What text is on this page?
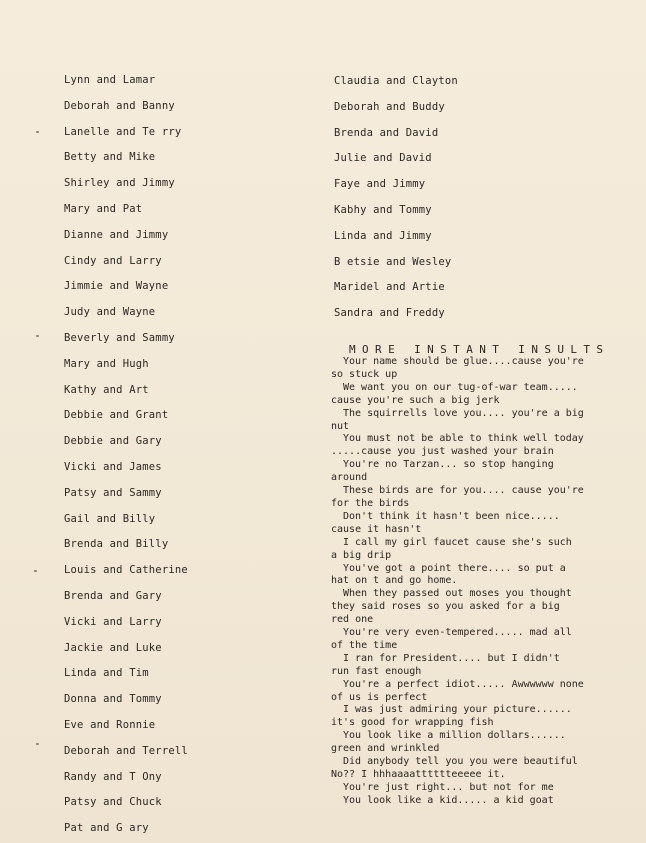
Lynn and Lamar
Deborah and Banny
Lanelle and Te rry
Betty and Mike
Shirley and Jimmy
Mary and Pat
Dianne and Jimmy
Cindy and Larry
Jimmie and Wayne
Judy and Wayne
Beverly and Sammy
Mary and Hugh
Kathy and Art
Debbie and Grant
Debbie and Gary
Vicki and James
Patsy and Sammy
Gail and Billy
Brenda and Billy
Louis and Catherine
Brenda and Gary
Vicki and Larry
Jackie and Luke
Linda and Tim
Donna and Tommy
Eve and Ronnie
Deborah and Terrell
Randy and T Ony
Patsy and Chuck
Pat and G ary
Claudia and Clayton
Deborah and Buddy
Brenda and David
Julie and David
Faye and Jimmy
Kabhy and Tommy
Linda and Jimmy
B etsie and Wesley
Maridel and Artie
Sandra and Freddy
MORE INSTANT INSULTS
Your name should be glue....cause you're
so stuck up
We want you on our tug-of-war team.....
cause you're such a big jerk
The squirrells love you.... you're a big
nut
You must not be able to think well today
.....cause you just washed your brain
You're no Tarzan... so stop hanging
around
These birds are for you.... cause you're
for the birds
Don't think it hasn't been nice.....
cause it hasn't
I call my girl faucet cause she's such
a big drip
You've got a point there.... so put a
hat on t and go home.
When they passed out moses you thought
they said roses so you asked for a big
red one
You're very even-tempered..... mad all
of the time
I ran for President.... but I didn't
run fast enough
You're a perfect idiot..... Awwwwww none
of us is perfect
I was just admiring your picture......
it's good for wrapping fish
You look like a million dollars......
green and wrinkled
Did anybody tell you you were beautiful
No?? I hhhaaaatttttteeeee it.
You're just right... but not for me
You look like a kid..... a kid goat
